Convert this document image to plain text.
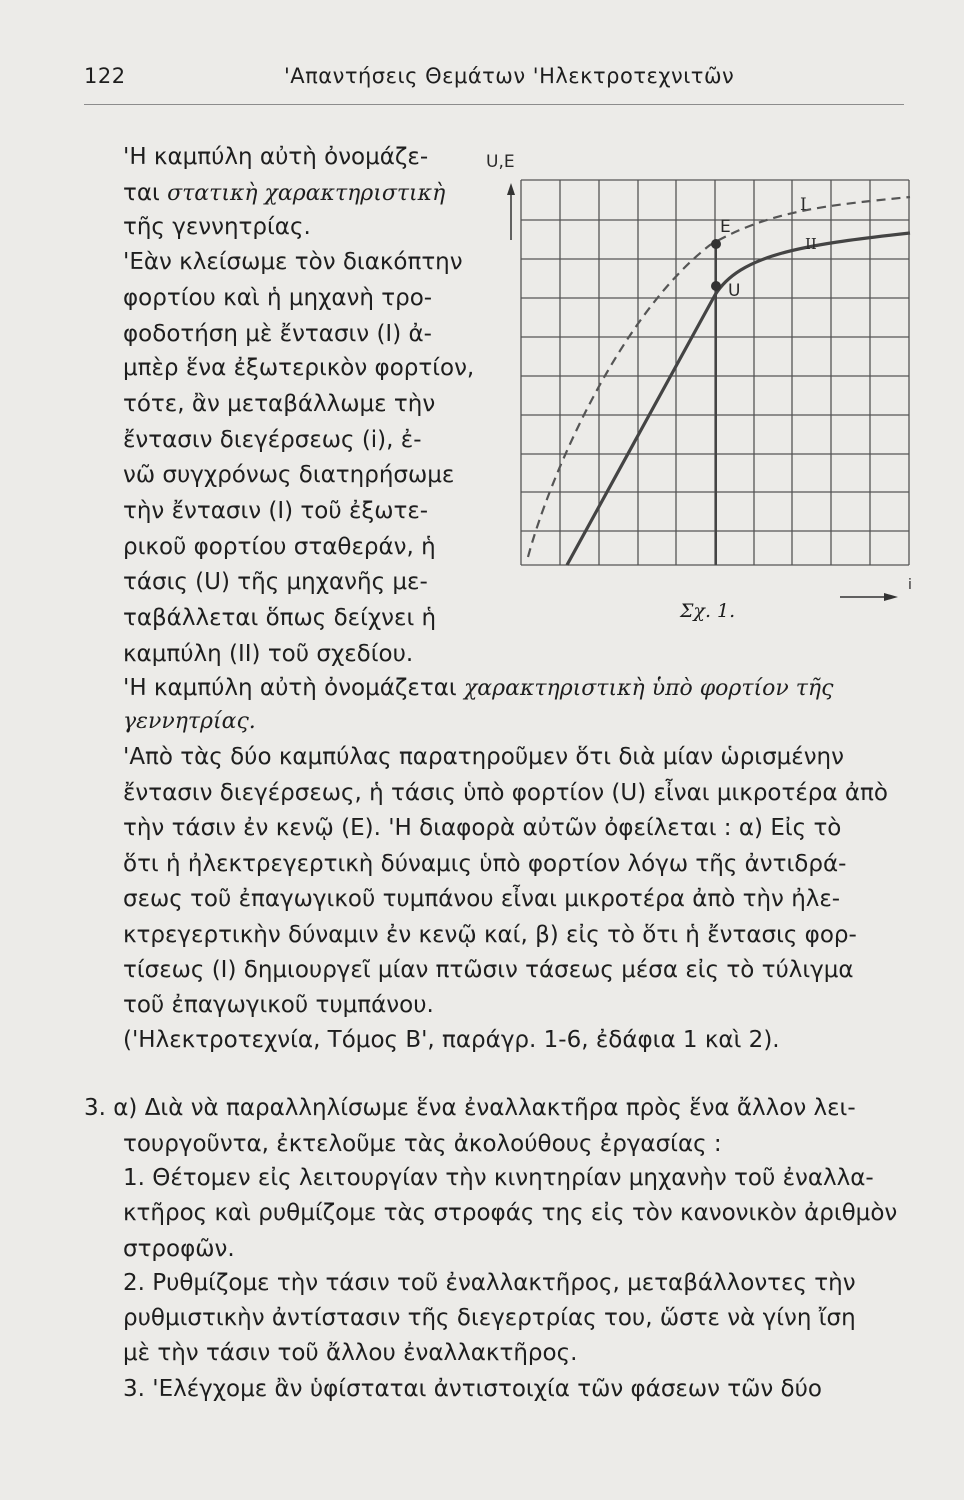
122	'Απαντήσεις Θεμάτων 'Ηλεκτροτεχνιτῶν
'Η καμπύλη αὐτὴ ὀνομάζε-
ται στατικὴ χαρακτηριστικὴ
τῆς γεννητρίας.
'Εὰν κλείσωμε τὸν διακόπτην
φορτίου καὶ ἡ μηχανὴ τρο-
φοδοτήση μὲ ἔντασιν (I) ἀ-
μπὲρ ἕνα ἐξωτερικὸν φορτίον,
τότε, ἂν μεταβάλλωμε τὴν
ἔντασιν διεγέρσεως (i), ἐ-
νῶ συγχρόνως διατηρήσωμε
τὴν ἔντασιν (I) τοῦ ἐξωτε-
ρικοῦ φορτίου σταθεράν, ἡ
τάσις (U) τῆς μηχανῆς με-
ταβάλλεται ὅπως δείχνει ἡ
καμπύλη (II) τοῦ σχεδίου.
'Η καμπύλη αὐτὴ ὀνομάζεται χαρακτηριστικὴ ὑπὸ φορτίον τῆς
γεννητρίας.
'Απὸ τὰς δύο καμπύλας παρατηροῦμεν ὅτι διὰ μίαν ὡρισμένην
ἔντασιν διεγέρσεως, ἡ τάσις ὑπὸ φορτίον (U) εἶναι μικροτέρα ἀπὸ
τὴν τάσιν ἐν κενῷ (E). 'Η διαφορὰ αὐτῶν ὀφείλεται : α) Εἰς τὸ
ὅτι ἡ ἠλεκτρεγερτικὴ δύναμις ὑπὸ φορτίον λόγω τῆς ἀντιδρά-
σεως τοῦ ἐπαγωγικοῦ τυμπάνου εἶναι μικροτέρα ἀπὸ τὴν ἠλε-
κτρεγερτικὴν δύναμιν ἐν κενῷ καί, β) εἰς τὸ ὅτι ἡ ἔντασις φορ-
τίσεως (I) δημιουργεῖ μίαν πτῶσιν τάσεως μέσα εἰς τὸ τύλιγμα
τοῦ ἐπαγωγικοῦ τυμπάνου.
('Ηλεκτροτεχνία, Τόμος Β', παράγρ. 1-6, ἐδάφια 1 καὶ 2).
3. α) Διὰ νὰ παραλληλίσωμε ἕνα ἐναλλακτῆρα πρὸς ἕνα ἄλλον λει-
τουργοῦντα, ἐκτελοῦμε τὰς ἀκολούθους ἐργασίας :
1. Θέτομεν εἰς λειτουργίαν τὴν κινητηρίαν μηχανὴν τοῦ ἐναλλα-
κτῆρος καὶ ρυθμίζομε τὰς στροφάς της εἰς τὸν κανονικὸν ἀριθμὸν
στροφῶν.
2. Ρυθμίζομε τὴν τάσιν τοῦ ἐναλλακτῆρος, μεταβάλλοντες τὴν
ρυθμιστικὴν ἀντίστασιν τῆς διεγερτρίας του, ὥστε νὰ γίνη ἴση
μὲ τὴν τάσιν τοῦ ἄλλου ἐναλλακτῆρος.
3. 'Ελέγχομε ἂν ὑφίσταται ἀντιστοιχία τῶν φάσεων τῶν δύο
U,E
i
I
II
E
U
Σχ. 1.
